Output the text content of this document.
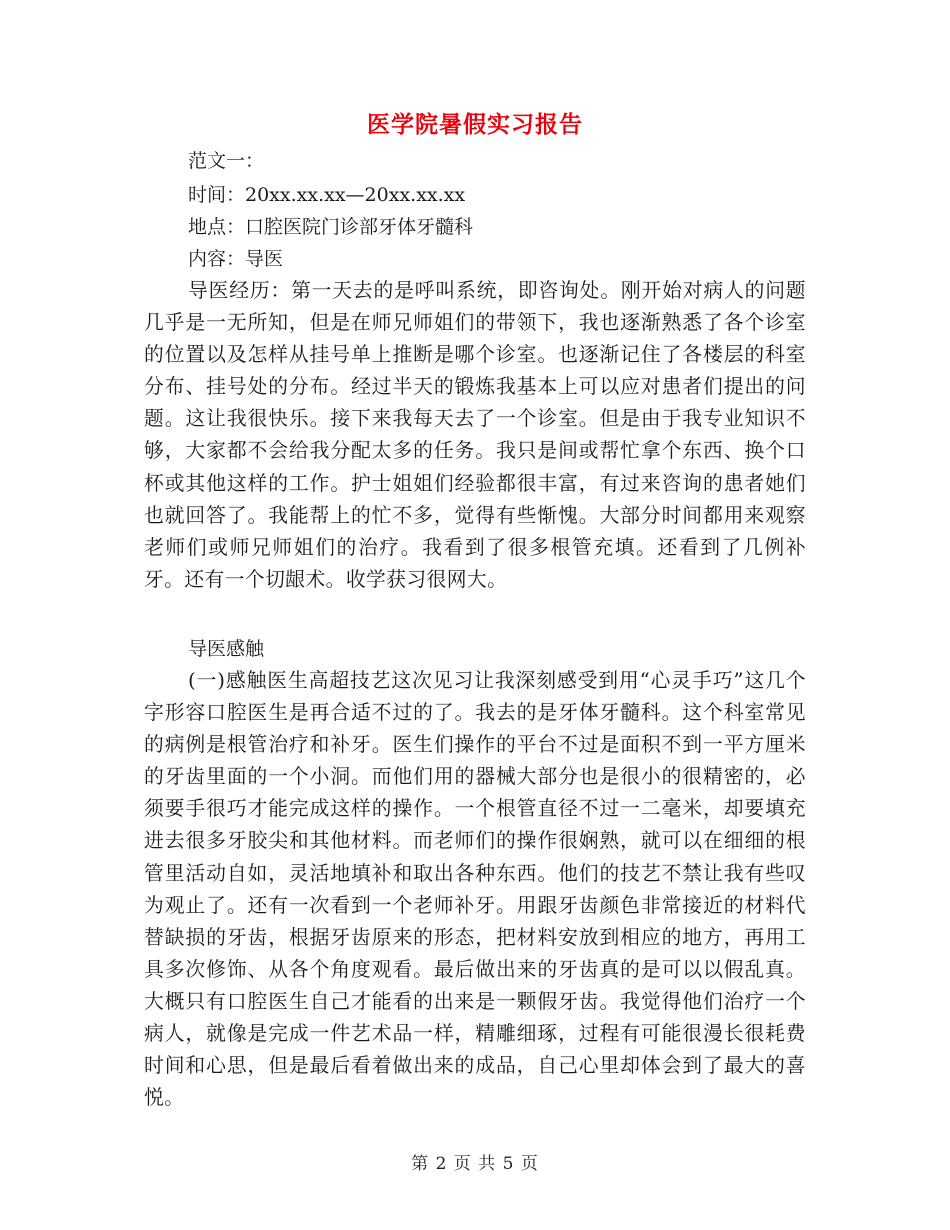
医学院暑假实习报告
范文一：
时间：20xx.xx.xx—20xx.xx.xx
地点：口腔医院门诊部牙体牙髓科
内容：导医

导医经历：第一天去的是呼叫系统，即咨询处。刚开始对病人的问题几乎是一无所知，但是在师兄师姐们的带领下，我也逐渐熟悉了各个诊室的位置以及怎样从挂号单上推断是哪个诊室。也逐渐记住了各楼层的科室分布、挂号处的分布。经过半天的锻炼我基本上可以应对患者们提出的问题。这让我很快乐。接下来我每天去了一个诊室。但是由于我专业知识不够，大家都不会给我分配太多的任务。我只是间或帮忙拿个东西、换个口杯或其他这样的工作。护士姐姐们经验都很丰富，有过来咨询的患者她们也就回答了。我能帮上的忙不多，觉得有些惭愧。大部分时间都用来观察老师们或师兄师姐们的治疗。我看到了很多根管充填。还看到了几例补牙。还有一个切龈术。收学获习很网大。

导医感触

(一)感触医生高超技艺这次见习让我深刻感受到用“心灵手巧”这几个字形容口腔医生是再合适不过的了。我去的是牙体牙髓科。这个科室常见的病例是根管治疗和补牙。医生们操作的平台不过是面积不到一平方厘米的牙齿里面的一个小洞。而他们用的器械大部分也是很小的很精密的，必须要手很巧才能完成这样的操作。一个根管直径不过一二毫米，却要填充进去很多牙胶尖和其他材料。而老师们的操作很娴熟，就可以在细细的根管里活动自如，灵活地填补和取出各种东西。他们的技艺不禁让我有些叹为观止了。还有一次看到一个老师补牙。用跟牙齿颜色非常接近的材料代替缺损的牙齿，根据牙齿原来的形态，把材料安放到相应的地方，再用工具多次修饰、从各个角度观看。最后做出来的牙齿真的是可以以假乱真。大概只有口腔医生自己才能看的出来是一颗假牙齿。我觉得他们治疗一个病人，就像是完成一件艺术品一样，精雕细琢，过程有可能很漫长很耗费时间和心思，但是最后看着做出来的成品，自己心里却体会到了最大的喜悦。

第 2 页 共 5 页
